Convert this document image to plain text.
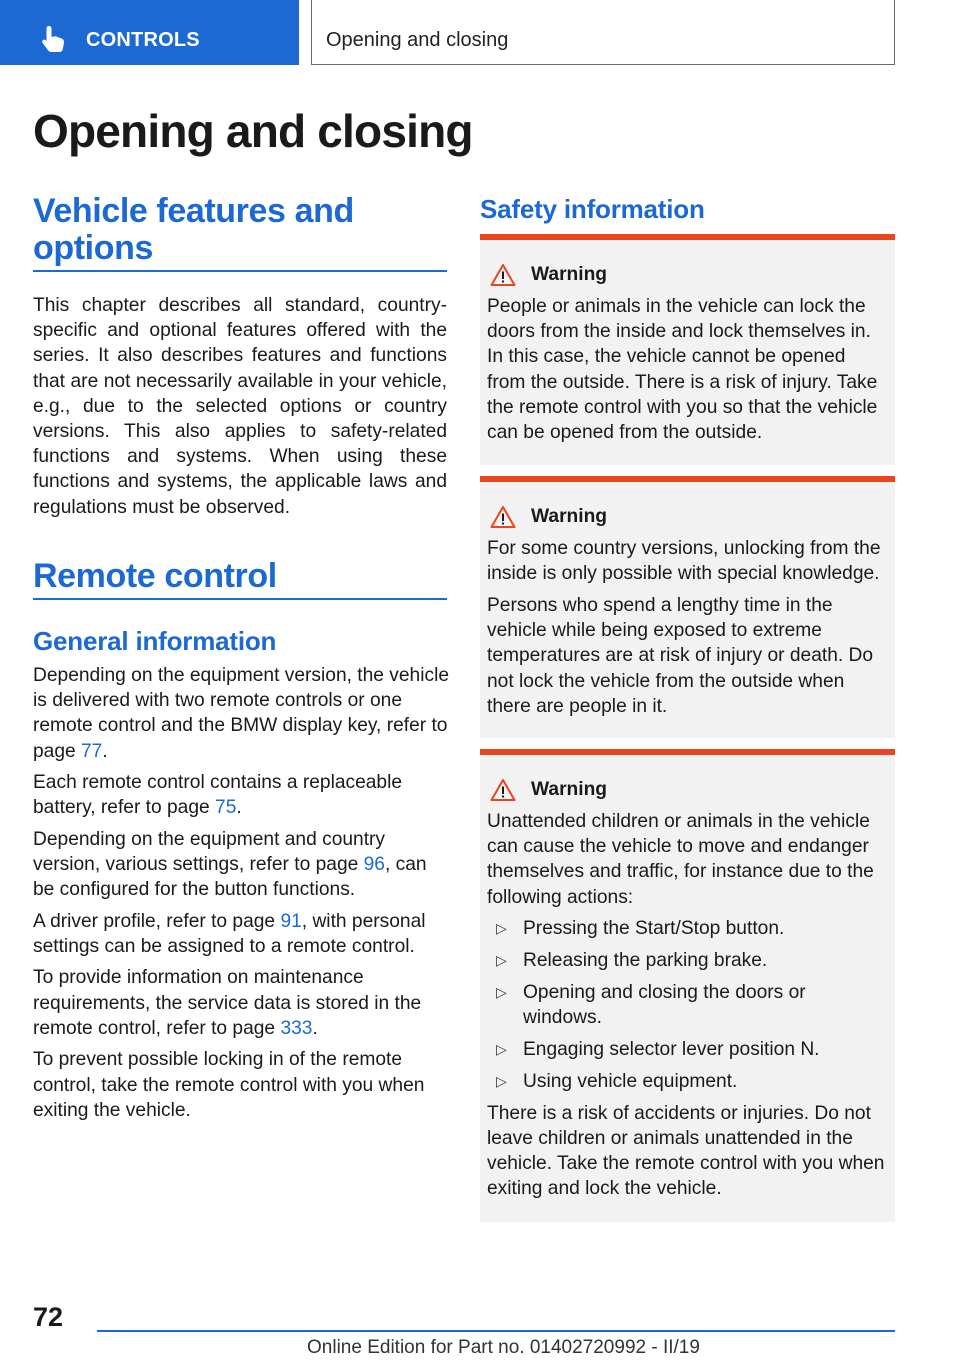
CONTROLS	Opening and closing
Opening and closing
Vehicle features and options

This chapter describes all standard, country-specific and optional features offered with the series. It also describes features and functions that are not necessarily available in your vehicle, e.g., due to the selected options or country versions. This also applies to safety-related functions and systems. When using these functions and systems, the applicable laws and regulations must be observed.

Remote control
General information

Depending on the equipment version, the vehicle is delivered with two remote controls or one remote control and the BMW display key, refer to page 77.

Each remote control contains a replaceable battery, refer to page 75.

Depending on the equipment and country version, various settings, refer to page 96, can be configured for the button functions.

A driver profile, refer to page 91, with personal settings can be assigned to a remote control.

To provide information on maintenance requirements, the service data is stored in the remote control, refer to page 333.

To prevent possible locking in of the remote control, take the remote control with you when exiting the vehicle.

Safety information
Warning

People or animals in the vehicle can lock the doors from the inside and lock themselves in. In this case, the vehicle cannot be opened from the outside. There is a risk of injury. Take the remote control with you so that the vehicle can be opened from the outside.

Warning

For some country versions, unlocking from the inside is only possible with special knowledge.

Persons who spend a lengthy time in the vehicle while being exposed to extreme temperatures are at risk of injury or death. Do not lock the vehicle from the outside when there are people in it.

Warning

Unattended children or animals in the vehicle can cause the vehicle to move and endanger themselves and traffic, for instance due to the following actions:

▷ Pressing the Start/Stop button.
▷ Releasing the parking brake.
▷ Opening and closing the doors or windows.
▷ Engaging selector lever position N.
▷ Using vehicle equipment.

There is a risk of accidents or injuries. Do not leave children or animals unattended in the vehicle. Take the remote control with you when exiting and lock the vehicle.

72
Online Edition for Part no. 01402720992 - II/19
